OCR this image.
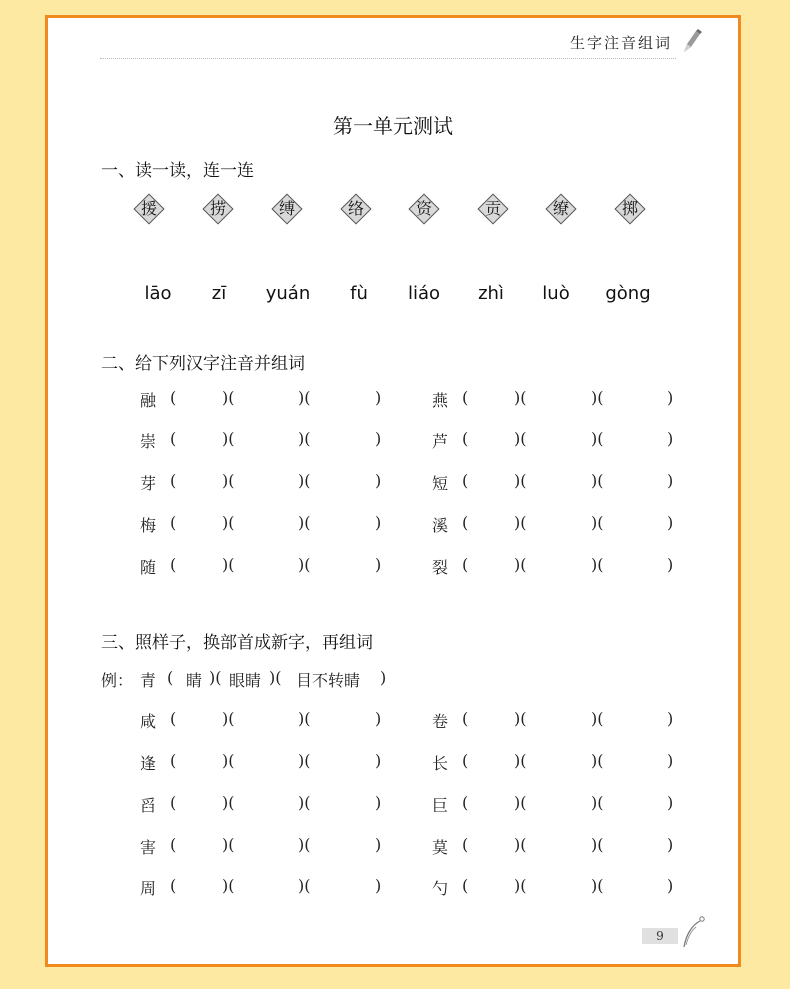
生字注音组词
第一单元测试
一、读一读，连一连
援	捞	缚	络	资	贡	缭	掷
lāo zī yuán fù liáo zhì luò gòng
二、给下列汉字注音并组词
融 (	)(	)(	)	燕 (	)(	)(	)
崇 (	)(	)(	)	芦 (	)(	)(	)
芽 (	)(	)(	)	短 (	)(	)(	)
梅 (	)(	)(	)	溪 (	)(	)(	)
随 (	)(	)(	)	裂 (	)(	)(	)
三、照样子，换部首成新字，再组词
例： 青 ( 睛 )( 眼睛 )( 目不转睛 )
咸 (	)(	)(	)	卷 (	)(	)(	)
逢 (	)(	)(	)	长 (	)(	)(	)
舀 (	)(	)(	)	巨 (	)(	)(	)
害 (	)(	)(	)	莫 (	)(	)(	)
周 (	)(	)(	)	勺 (	)(	)(	)
9
